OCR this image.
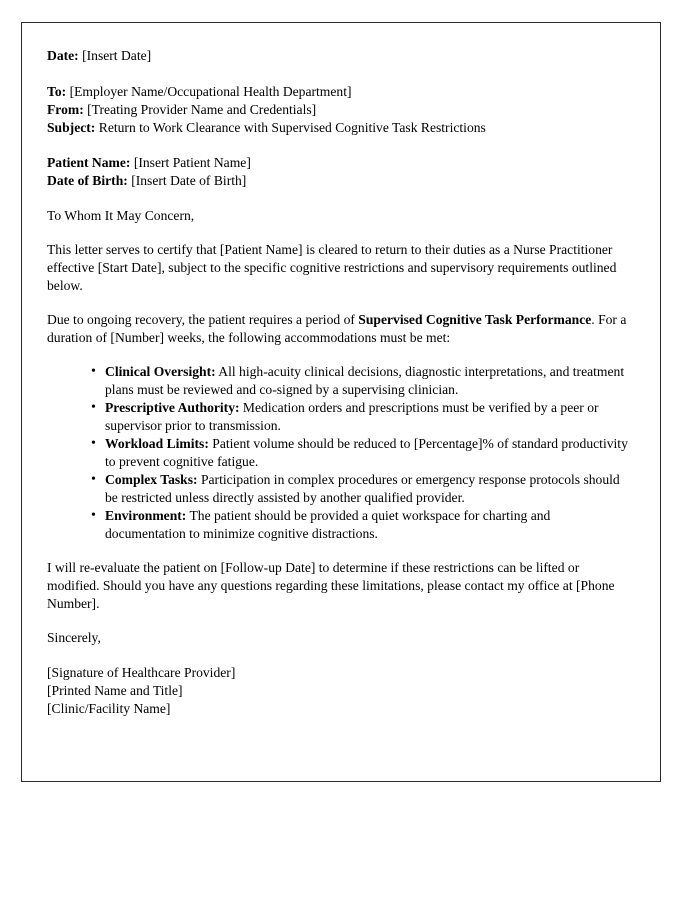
Date: [Insert Date]
To: [Employer Name/Occupational Health Department]
From: [Treating Provider Name and Credentials]
Subject: Return to Work Clearance with Supervised Cognitive Task Restrictions
Patient Name: [Insert Patient Name]
Date of Birth: [Insert Date of Birth]

To Whom It May Concern,

This letter serves to certify that [Patient Name] is cleared to return to their duties as a Nurse Practitioner effective [Start Date], subject to the specific cognitive restrictions and supervisory requirements outlined below.

Due to ongoing recovery, the patient requires a period of Supervised Cognitive Task Performance. For a duration of [Number] weeks, the following accommodations must be met:

• Clinical Oversight: All high-acuity clinical decisions, diagnostic interpretations, and treatment plans must be reviewed and co-signed by a supervising clinician.
• Prescriptive Authority: Medication orders and prescriptions must be verified by a peer or supervisor prior to transmission.
• Workload Limits: Patient volume should be reduced to [Percentage]% of standard productivity to prevent cognitive fatigue.
• Complex Tasks: Participation in complex procedures or emergency response protocols should be restricted unless directly assisted by another qualified provider.
• Environment: The patient should be provided a quiet workspace for charting and documentation to minimize cognitive distractions.

I will re-evaluate the patient on [Follow-up Date] to determine if these restrictions can be lifted or modified. Should you have any questions regarding these limitations, please contact my office at [Phone Number].

Sincerely,

[Signature of Healthcare Provider]
[Printed Name and Title]
[Clinic/Facility Name]
